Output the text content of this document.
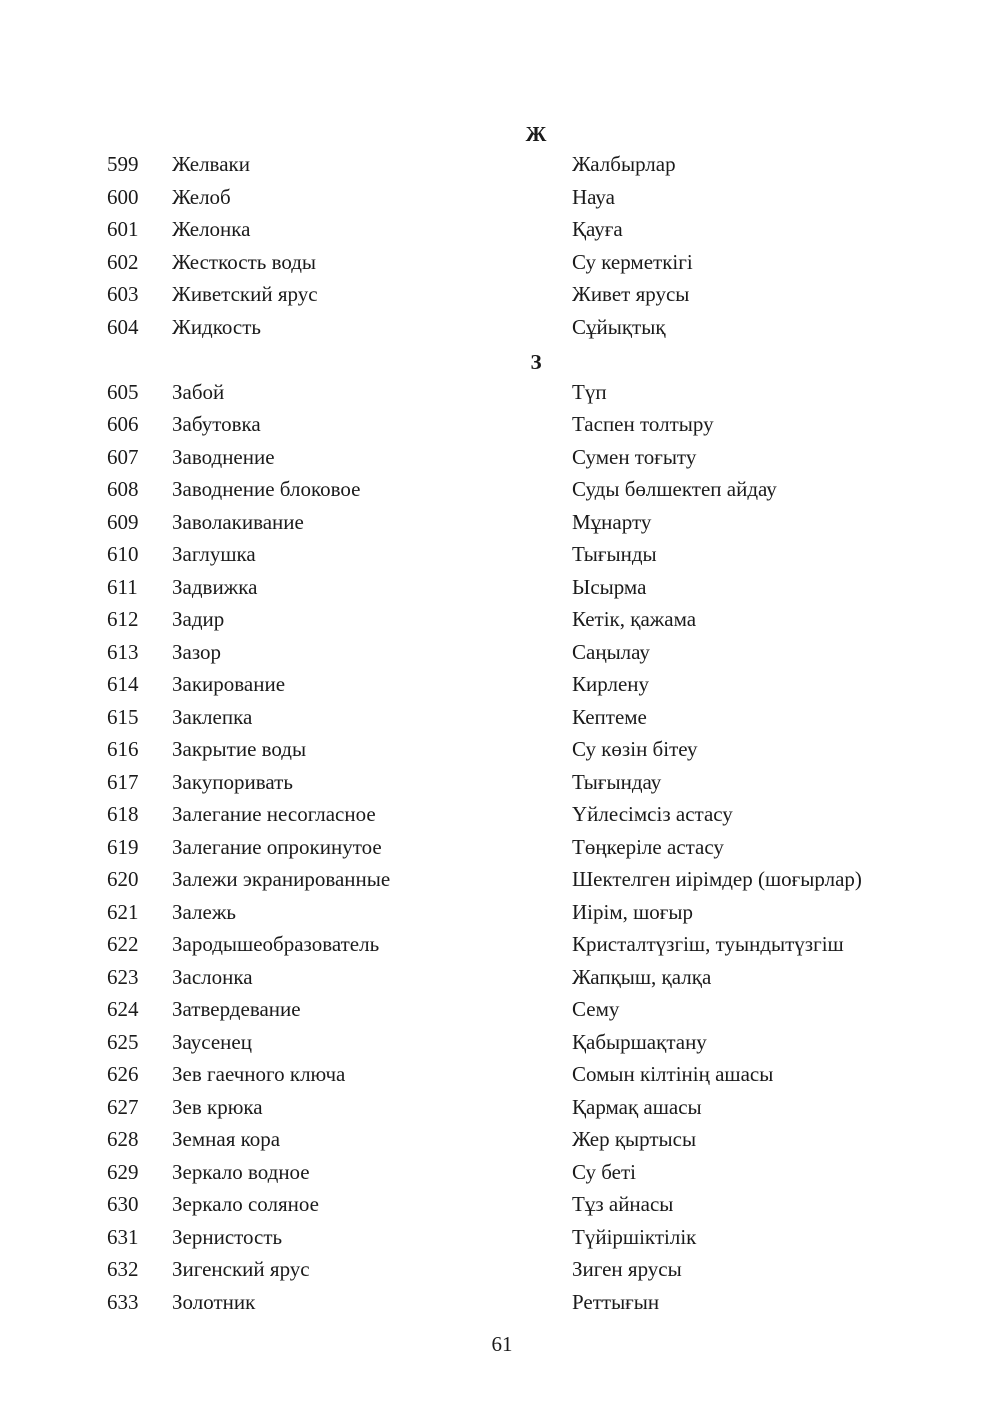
Ж
599	Желваки	Жалбырлар
600	Желоб	Науа
601	Желонка	Қауға
602	Жесткость воды	Су керметкігі
603	Живетский ярус	Живет ярусы
604	Жидкость	Сұйықтық
З
605	Забой	Түп
606	Забутовка	Таспен толтыру
607	Заводнение	Сумен тоғыту
608	Заводнение блоковое	Суды бөлшектеп айдау
609	Заволакивание	Мұнарту
610	Заглушка	Тығынды
611	Задвижка	Ысырма
612	Задир	Кетік, қажама
613	Зазор	Саңылау
614	Закирование	Кирлену
615	Заклепка	Кептеме
616	Закрытие воды	Су көзін бітеу
617	Закупоривать	Тығындау
618	Залегание несогласное	Үйлесімсіз астасу
619	Залегание опрокинутое	Төңкеріле астасу
620	Залежи экранированные	Шектелген иірімдер (шоғырлар)
621	Залежь	Иірім, шоғыр
622	Зародышеобразователь	Кристалтүзгіш, туындытүзгіш
623	Заслонка	Жапқыш, қалқа
624	Затвердевание	Сему
625	Заусенец	Қабыршақтану
626	Зев гаечного ключа	Сомын кілтінің ашасы
627	Зев крюка	Қармақ ашасы
628	Земная кора	Жер қыртысы
629	Зеркало водное	Су беті
630	Зеркало соляное	Тұз айнасы
631	Зернистость	Түйіршіктілік
632	Зигенский ярус	Зиген ярусы
633	Золотник	Реттығын
61
